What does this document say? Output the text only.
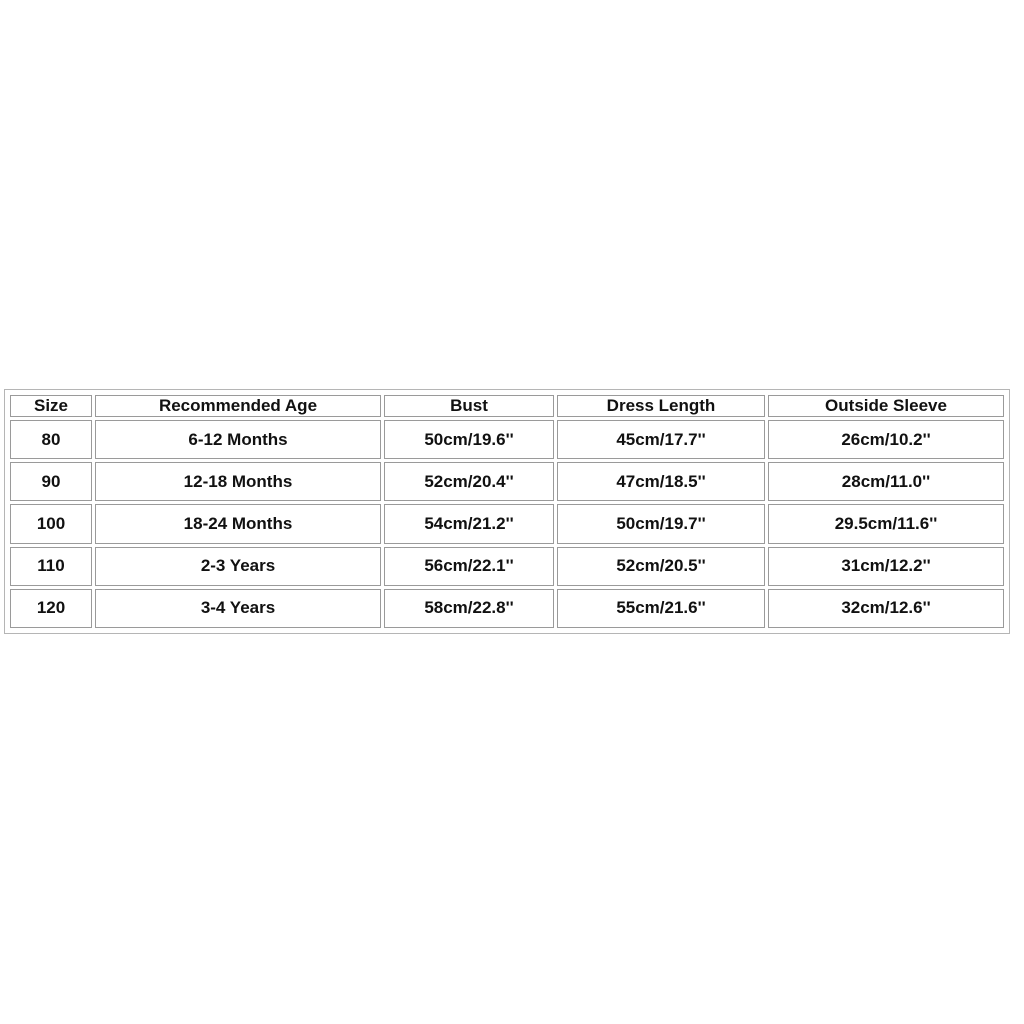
Size	Recommended Age	Bust	Dress Length	Outside Sleeve
80	6-12 Months	50cm/19.6''	45cm/17.7''	26cm/10.2''
90	12-18 Months	52cm/20.4''	47cm/18.5''	28cm/11.0''
100	18-24 Months	54cm/21.2''	50cm/19.7''	29.5cm/11.6''
110	2-3 Years	56cm/22.1''	52cm/20.5''	31cm/12.2''
120	3-4 Years	58cm/22.8''	55cm/21.6''	32cm/12.6''
